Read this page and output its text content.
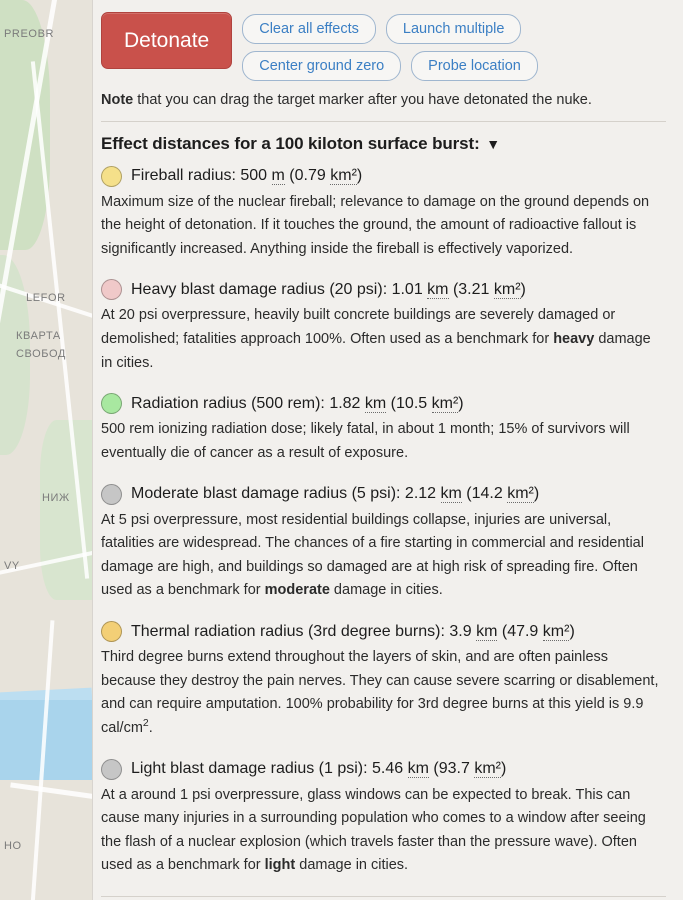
PREOBR
LEFOR
КВАРТА
СВОБОД
НИЖ
VY
НО
Detonate	Clear all effects	Launch multiple
Center ground zero	Probe location
Note that you can drag the target marker after you have detonated the nuke.
Effect distances for a 100 kiloton surface burst: ▼
Fireball radius: 500 m (0.79 km²)

Maximum size of the nuclear fireball; relevance to damage on the ground depends on the height of detonation. If it touches the ground, the amount of radioactive fallout is significantly increased. Anything inside the fireball is effectively vaporized.

Heavy blast damage radius (20 psi): 1.01 km (3.21 km²)

At 20 psi overpressure, heavily built concrete buildings are severely damaged or demolished; fatalities approach 100%. Often used as a benchmark for heavy damage in cities.

Radiation radius (500 rem): 1.82 km (10.5 km²)

500 rem ionizing radiation dose; likely fatal, in about 1 month; 15% of survivors will eventually die of cancer as a result of exposure.

Moderate blast damage radius (5 psi): 2.12 km (14.2 km²)

At 5 psi overpressure, most residential buildings collapse, injuries are universal, fatalities are widespread. The chances of a fire starting in commercial and residential damage are high, and buildings so damaged are at high risk of spreading fire. Often used as a benchmark for moderate damage in cities.

Thermal radiation radius (3rd degree burns): 3.9 km (47.9 km²)

Third degree burns extend throughout the layers of skin, and are often painless because they destroy the pain nerves. They can cause severe scarring or disablement, and can require amputation. 100% probability for 3rd degree burns at this yield is 9.9 cal/$cm^2$.

Light blast damage radius (1 psi): 5.46 km (93.7 km²)

At a around 1 psi overpressure, glass windows can be expected to break. This can cause many injuries in a surrounding population who comes to a window after seeing the flash of a nuclear explosion (which travels faster than the pressure wave). Often used as a benchmark for light damage in cities.
